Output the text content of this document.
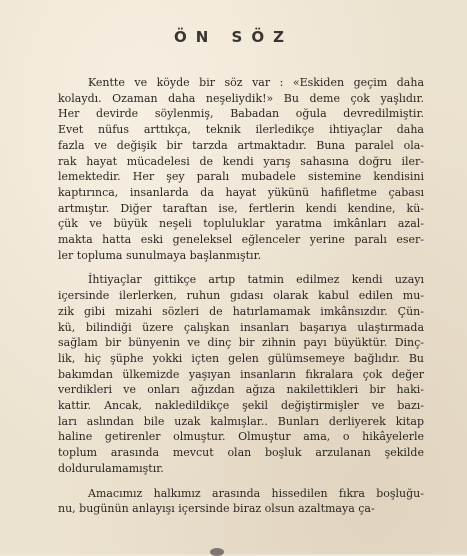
ÖN SÖZ
Kentte ve köyde bir söz var : «Eskiden geçim daha
kolaydı. Ozaman daha neşeliydik!» Bu deme çok yaşlıdır.
Her devirde söylenmiş, Babadan oğula devredilmiştir.
Evet nüfus arttıkça, teknik ilerledikçe ihtiyaçlar daha
fazla ve değişik bir tarzda artmaktadır. Buna paralel ola-
rak hayat mücadelesi de kendi yarış sahasına doğru iler-
lemektedir. Her şey paralı mubadele sistemine kendisini
kaptırınca, insanlarda da hayat yükünü hafifletme çabası
artmıştır. Diğer taraftan ise, fertlerin kendi kendine, kü-
çük ve büyük neşeli topluluklar yaratma imkânları azal-
makta hatta eski geneleksel eğlenceler yerine paralı eser-
ler topluma sunulmaya başlanmıştır.
İhtiyaçlar gittikçe artıp tatmin edilmez kendi uzayı
içersinde ilerlerken, ruhun gıdası olarak kabul edilen mu-
zik gibi mizahi sözleri de hatırlamamak imkânsızdır. Çün-
kü, bilindiği üzere çalışkan insanları başarıya ulaştırmada
sağlam bir bünyenin ve dinç bir zihnin payı büyüktür. Dinç-
lik, hiç şüphe yokki içten gelen gülümsemeye bağlıdır. Bu
bakımdan ülkemizde yaşıyan insanların fıkralara çok değer
verdikleri ve onları ağızdan ağıza nakilettikleri bir haki-
kattir. Ancak, nakledildikçe şekil değiştirmişler ve bazı-
ları aslından bile uzak kalmışlar.. Bunları derliyerek kitap
haline getirenler olmuştur. Olmuştur ama, o hikâyelerle
toplum arasında mevcut olan boşluk arzulanan şekilde
doldurulamamıştır.
Amacımız halkımız arasında hissedilen fıkra boşluğu-
nu, bugünün anlayışı içersinde biraz olsun azaltmaya ça-
